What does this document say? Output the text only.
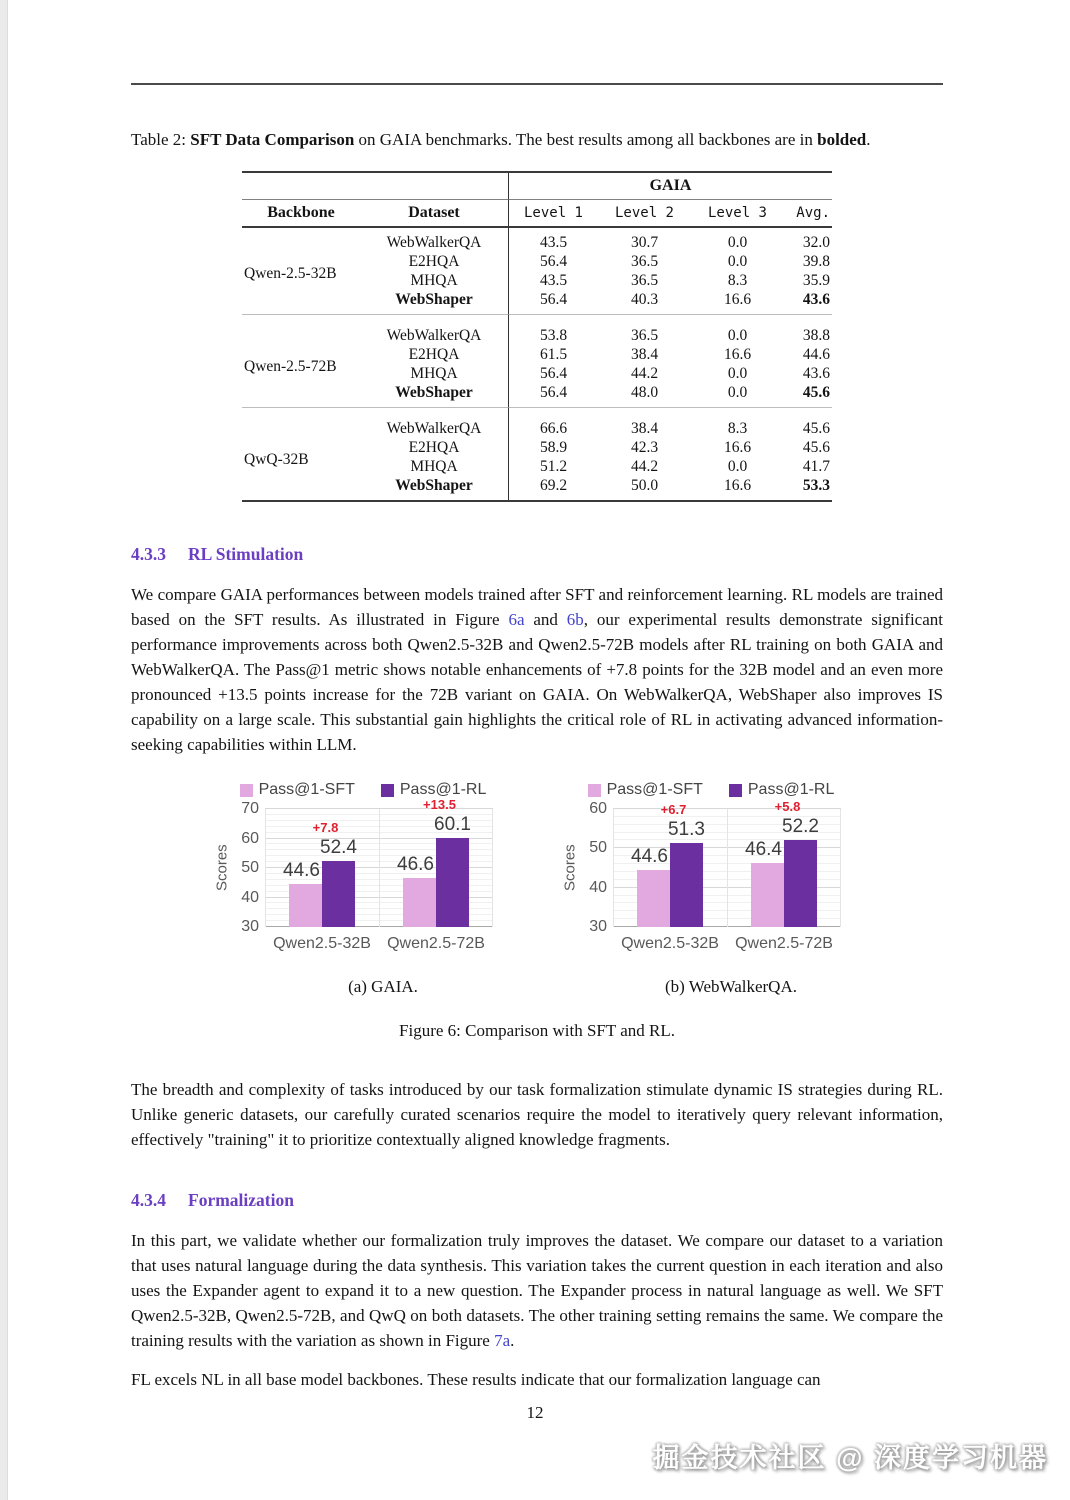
Table 2: SFT Data Comparison on GAIA benchmarks. The best results among all backbones are in bolded.

GAIA
Backbone	Dataset	Level 1	Level 2	Level 3	Avg.
Qwen-2.5-32B
WebWalkerQA	43.5	30.7	0.0	32.0
E2HQA	56.4	36.5	0.0	39.8
MHQA	43.5	36.5	8.3	35.9
WebShaper	56.4	40.3	16.6	43.6
Qwen-2.5-72B
WebWalkerQA	53.8	36.5	0.0	38.8
E2HQA	61.5	38.4	16.6	44.6
MHQA	56.4	44.2	0.0	43.6
WebShaper	56.4	48.0	0.0	45.6
QwQ-32B
WebWalkerQA	66.6	38.4	8.3	45.6
E2HQA	58.9	42.3	16.6	45.6
MHQA	51.2	44.2	0.0	41.7
WebShaper	69.2	50.0	16.6	53.3
4.3.3 RL Stimulation

We compare GAIA performances between models trained after SFT and reinforcement learning. RL models are trained based on the SFT results. As illustrated in Figure 6a and 6b, our experimental results demonstrate significant performance improvements across both Qwen2.5-32B and Qwen2.5-72B models after RL training on both GAIA and WebWalkerQA. The Pass@1 metric shows notable enhancements of +7.8 points for the 32B model and an even more pronounced +13.5 points increase for the 72B variant on GAIA. On WebWalkerQA, WebShaper also improves IS capability on a large scale. This substantial gain highlights the critical role of RL in activating advanced information-seeking capabilities within LLM.

Pass@1-SFT	Pass@1-RL
Scores
30
40
50
60
70
44.6
52.4
+7.8
46.6
60.1
+13.5
Qwen2.5-32B	Qwen2.5-72B
(a) GAIA.
Pass@1-SFT	Pass@1-RL
Scores
30
40
50
60
44.6
51.3
+6.7
46.4
52.2
+5.8
Qwen2.5-32B	Qwen2.5-72B
(b) WebWalkerQA.
Figure 6: Comparison with SFT and RL.

The breadth and complexity of tasks introduced by our task formalization stimulate dynamic IS strategies during RL. Unlike generic datasets, our carefully curated scenarios require the model to iteratively query relevant information, effectively "training" it to prioritize contextually aligned knowledge fragments.

4.3.4 Formalization

In this part, we validate whether our formalization truly improves the dataset. We compare our dataset to a variation that uses natural language during the data synthesis. This variation takes the current question in each iteration and also uses the Expander agent to expand it to a new question. The Expander process in natural language as well. We SFT Qwen2.5-32B, Qwen2.5-72B, and QwQ on both datasets. The other training setting remains the same. We compare the training results with the variation as shown in Figure 7a.

FL excels NL in all base model backbones. These results indicate that our formalization language can

12
掘金技术社区 @ 深度学习机器
